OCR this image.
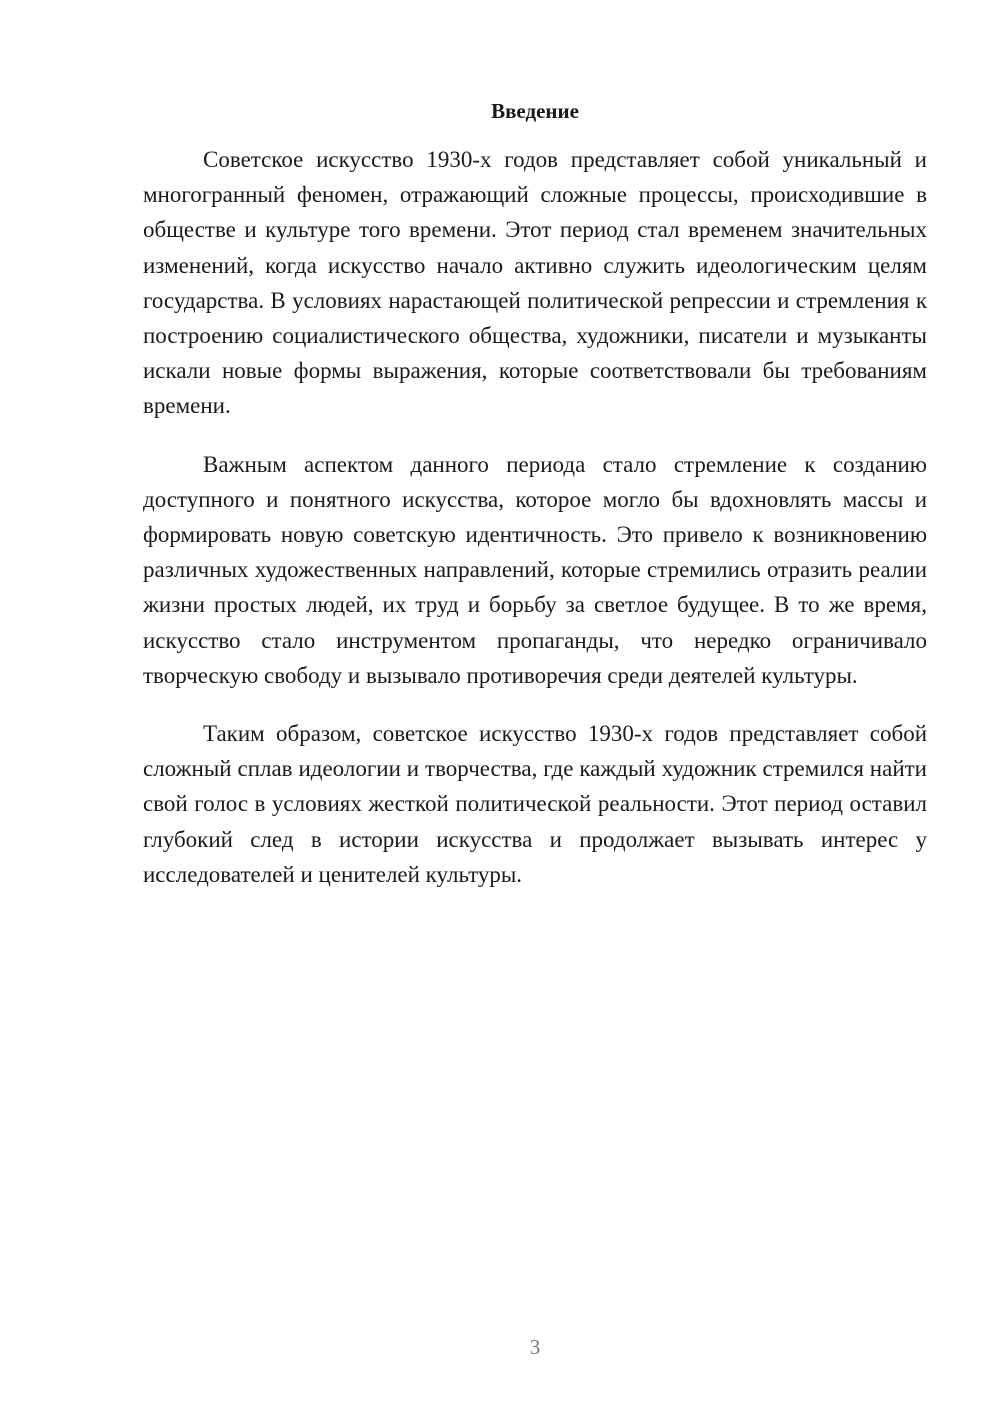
Введение

Советское искусство 1930-х годов представляет собой уникальный и многогранный феномен, отражающий сложные процессы, происходившие в обществе и культуре того времени. Этот период стал временем значительных изменений, когда искусство начало активно служить идеологическим целям государства. В условиях нарастающей политической репрессии и стремления к построению социалистического общества, художники, писатели и музыканты искали новые формы выражения, которые соответствовали бы требованиям времени.

Важным аспектом данного периода стало стремление к созданию доступного и понятного искусства, которое могло бы вдохновлять массы и формировать новую советскую идентичность. Это привело к возникновению различных художественных направлений, которые стремились отразить реалии жизни простых людей, их труд и борьбу за светлое будущее. В то же время, искусство стало инструментом пропаганды, что нередко ограничивало творческую свободу и вызывало противоречия среди деятелей культуры.

Таким образом, советское искусство 1930-х годов представляет собой сложный сплав идеологии и творчества, где каждый художник стремился найти свой голос в условиях жесткой политической реальности. Этот период оставил глубокий след в истории искусства и продолжает вызывать интерес у исследователей и ценителей культуры.

3
